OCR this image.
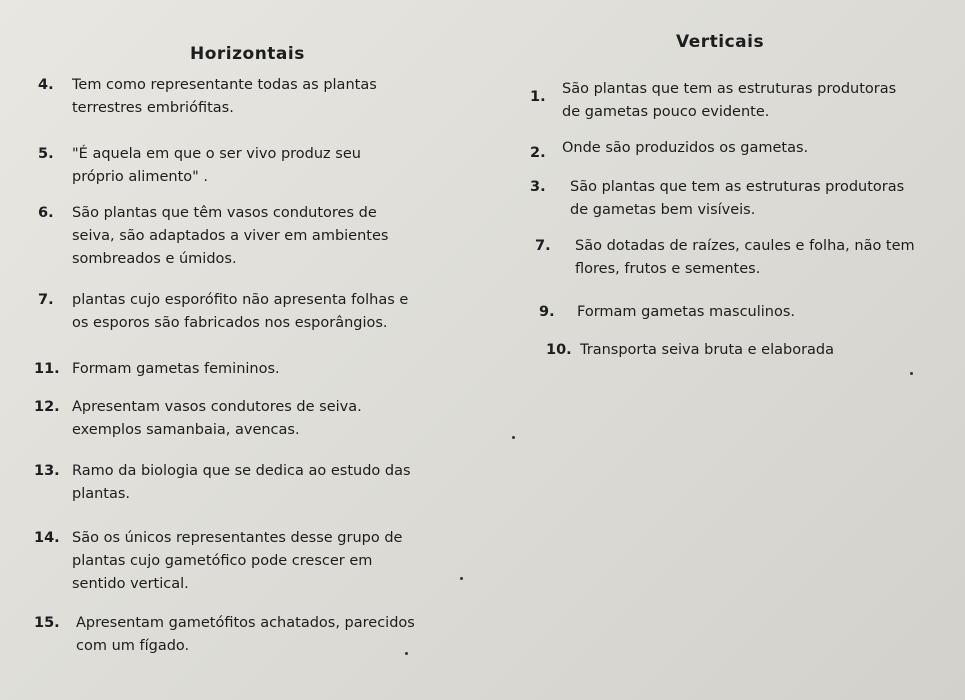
Horizontais
Verticais
4. Tem como representante todas as plantas
terrestres embriófitas.
5. "É aquela em que o ser vivo produz seu
próprio alimento" .
6. São plantas que têm vasos condutores de
seiva, são adaptados a viver em ambientes
sombreados e úmidos.
7. plantas cujo esporófito não apresenta folhas e
os esporos são fabricados nos esporângios.
11. Formam gametas femininos.
12. Apresentam vasos condutores de seiva.
exemplos samanbaia, avencas.
13. Ramo da biologia que se dedica ao estudo das
plantas.
14. São os únicos representantes desse grupo de
plantas cujo gametófico pode crescer em
sentido vertical.
15. Apresentam gametófitos achatados, parecidos
com um fígado.
1. São plantas que tem as estruturas produtoras
de gametas pouco evidente.
2. Onde são produzidos os gametas.
3. São plantas que tem as estruturas produtoras
de gametas bem visíveis.
7. São dotadas de raízes, caules e folha, não tem
flores, frutos e sementes.
9. Formam gametas masculinos.
10. Transporta seiva bruta e elaborada
